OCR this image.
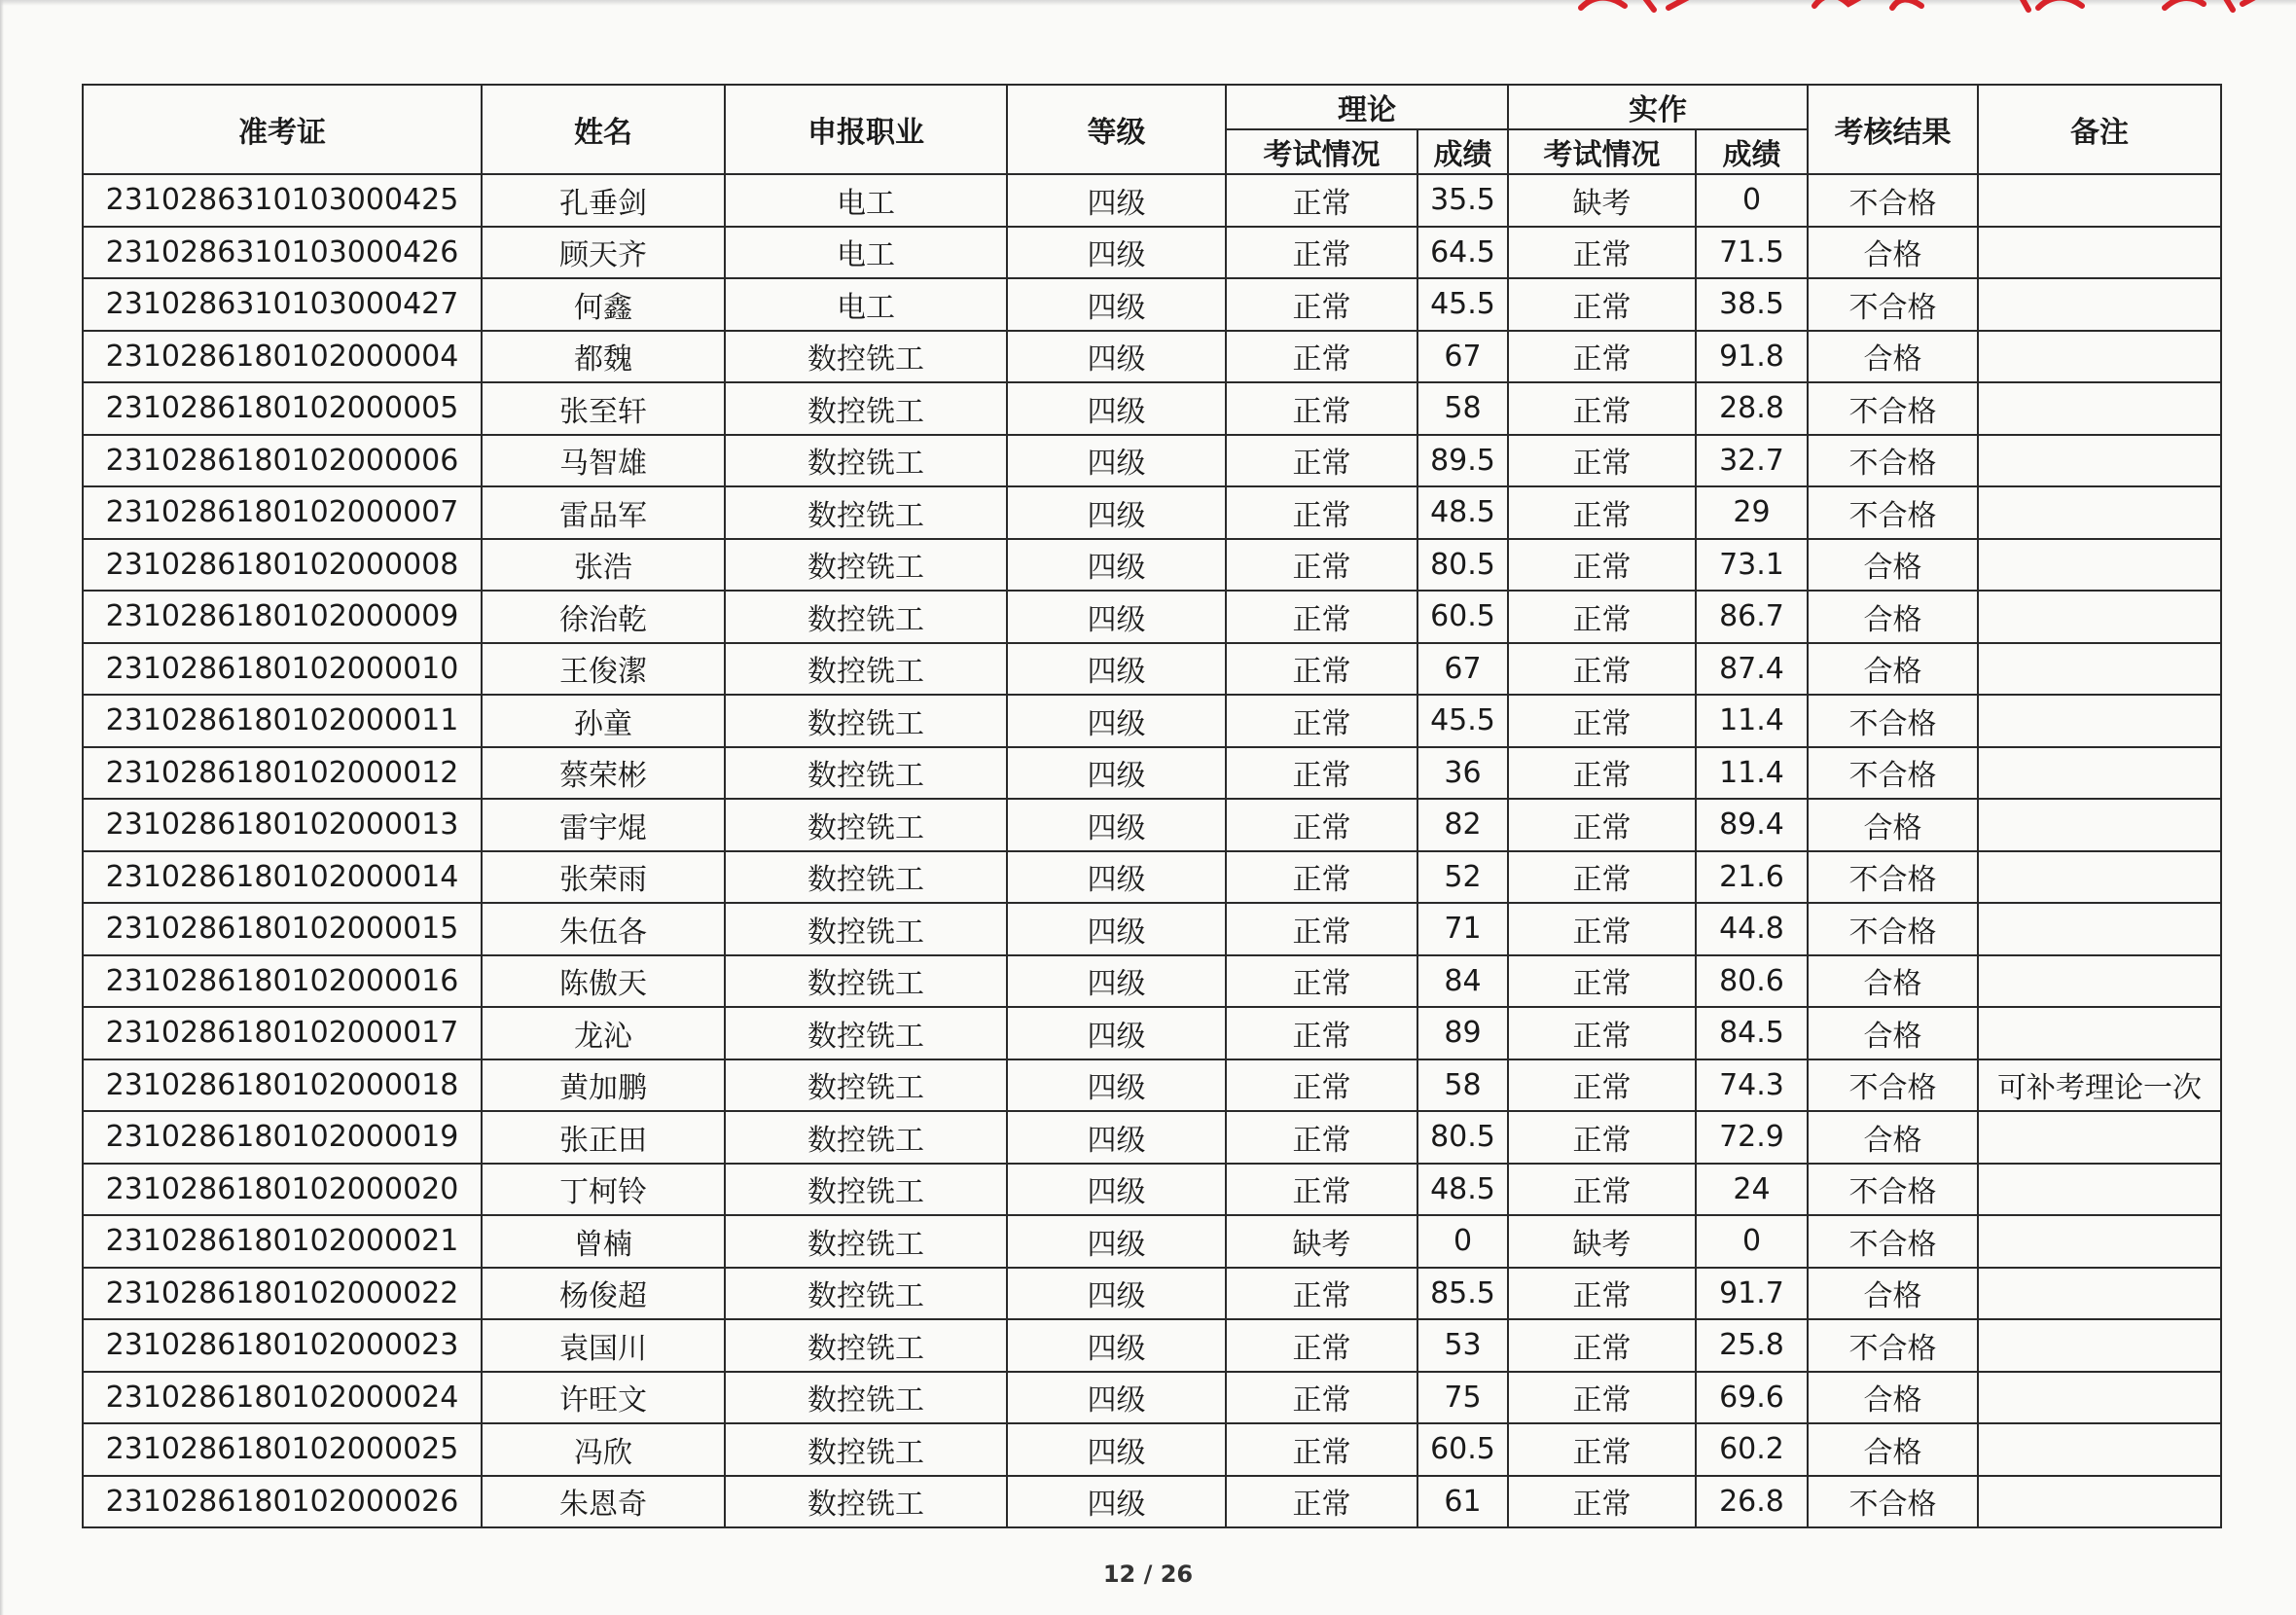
准考证	姓名	申报职业	等级	理论		实作		考核结果	备注
				考试情况	成绩	考试情况	成绩		
2310286310103000425	孔垂剑	电工	四级	正常	35.5	缺考	0	不合格	
2310286310103000426	顾天齐	电工	四级	正常	64.5	正常	71.5	合格	
2310286310103000427	何鑫	电工	四级	正常	45.5	正常	38.5	不合格	
2310286180102000004	都魏	数控铣工	四级	正常	67	正常	91.8	合格	
2310286180102000005	张至轩	数控铣工	四级	正常	58	正常	28.8	不合格	
2310286180102000006	马智雄	数控铣工	四级	正常	89.5	正常	32.7	不合格	
2310286180102000007	雷品军	数控铣工	四级	正常	48.5	正常	29	不合格	
2310286180102000008	张浩	数控铣工	四级	正常	80.5	正常	73.1	合格	
2310286180102000009	徐治乾	数控铣工	四级	正常	60.5	正常	86.7	合格	
2310286180102000010	王俊潔	数控铣工	四级	正常	67	正常	87.4	合格	
2310286180102000011	孙童	数控铣工	四级	正常	45.5	正常	11.4	不合格	
2310286180102000012	蔡荣彬	数控铣工	四级	正常	36	正常	11.4	不合格	
2310286180102000013	雷宇焜	数控铣工	四级	正常	82	正常	89.4	合格	
2310286180102000014	张荣雨	数控铣工	四级	正常	52	正常	21.6	不合格	
2310286180102000015	朱伍各	数控铣工	四级	正常	71	正常	44.8	不合格	
2310286180102000016	陈傲天	数控铣工	四级	正常	84	正常	80.6	合格	
2310286180102000017	龙沁	数控铣工	四级	正常	89	正常	84.5	合格	
2310286180102000018	黄加鹏	数控铣工	四级	正常	58	正常	74.3	不合格	可补考理论一次
2310286180102000019	张正田	数控铣工	四级	正常	80.5	正常	72.9	合格	
2310286180102000020	丁柯铃	数控铣工	四级	正常	48.5	正常	24	不合格	
2310286180102000021	曾楠	数控铣工	四级	缺考	0	缺考	0	不合格	
2310286180102000022	杨俊超	数控铣工	四级	正常	85.5	正常	91.7	合格	
2310286180102000023	袁国川	数控铣工	四级	正常	53	正常	25.8	不合格	
2310286180102000024	许旺文	数控铣工	四级	正常	75	正常	69.6	合格	
2310286180102000025	冯欣	数控铣工	四级	正常	60.5	正常	60.2	合格	
2310286180102000026	朱恩奇	数控铣工	四级	正常	61	正常	26.8	不合格	
12 / 26
